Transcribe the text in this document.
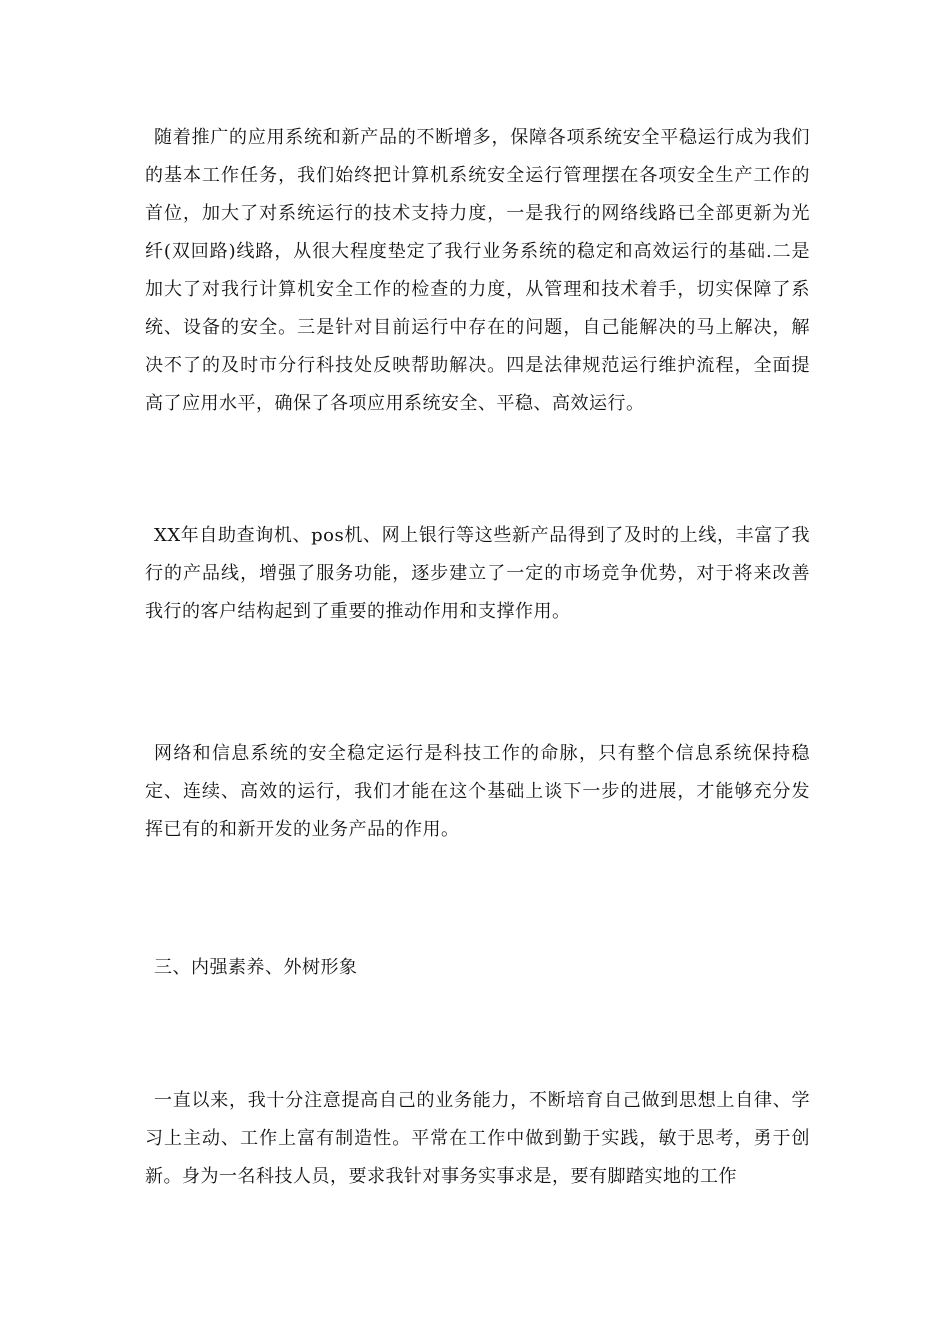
随着推广的应用系统和新产品的不断增多，保障各项系统安全平稳运行成为我们的基本工作任务，我们始终把计算机系统安全运行管理摆在各项安全生产工作的首位，加大了对系统运行的技术支持力度，一是我行的网络线路已全部更新为光纤(双回路)线路，从很大程度垫定了我行业务系统的稳定和高效运行的基础.二是加大了对我行计算机安全工作的检查的力度，从管理和技术着手，切实保障了系统、设备的安全。三是针对目前运行中存在的问题，自己能解决的马上解决，解决不了的及时市分行科技处反映帮助解决。四是法律规范运行维护流程，全面提高了应用水平，确保了各项应用系统安全、平稳、高效运行。

XX年自助查询机、pos机、网上银行等这些新产品得到了及时的上线，丰富了我行的产品线，增强了服务功能，逐步建立了一定的市场竞争优势，对于将来改善我行的客户结构起到了重要的推动作用和支撑作用。

网络和信息系统的安全稳定运行是科技工作的命脉，只有整个信息系统保持稳定、连续、高效的运行，我们才能在这个基础上谈下一步的进展，才能够充分发挥已有的和新开发的业务产品的作用。

三、内强素养、外树形象

一直以来，我十分注意提高自己的业务能力，不断培育自己做到思想上自律、学习上主动、工作上富有制造性。平常在工作中做到勤于实践，敏于思考，勇于创新。身为一名科技人员，要求我针对事务实事求是，要有脚踏实地的工作
